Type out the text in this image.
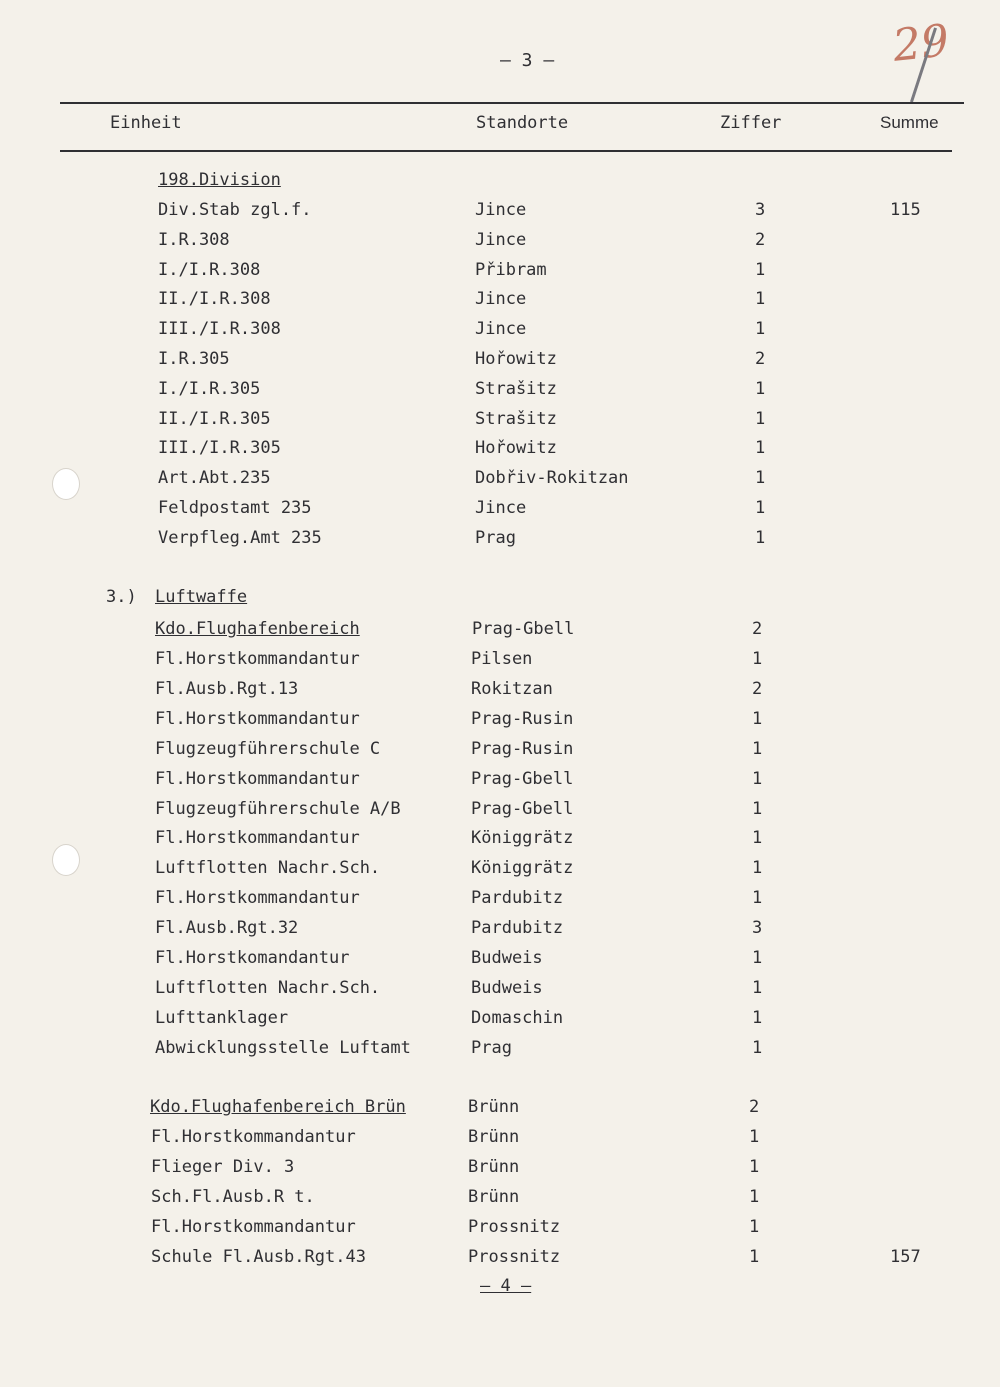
– 3 –	29
Einheit	Standorte	Ziffer	Summe
198.Division
Div.Stab zgl.f.	Jince	3	115
I.R.308	Jince	2
I./I.R.308	Přibram	1
II./I.R.308	Jince	1
III./I.R.308	Jince	1
I.R.305	Hořowitz	2
I./I.R.305	Strašitz	1
II./I.R.305	Strašitz	1
III./I.R.305	Hořowitz	1
Art.Abt.235	Dobřiv-Rokitzan	1
Feldpostamt 235	Jince	1
Verpfleg.Amt 235	Prag	1
3.) Luftwaffe
Kdo.Flughafenbereich	Prag-Gbell	2
Fl.Horstkommandantur	Pilsen	1
Fl.Ausb.Rgt.13	Rokitzan	2
Fl.Horstkommandantur	Prag-Rusin	1
Flugzeugführerschule C	Prag-Rusin	1
Fl.Horstkommandantur	Prag-Gbell	1
Flugzeugführerschule A/B	Prag-Gbell	1
Fl.Horstkommandantur	Königgrätz	1
Luftflotten Nachr.Sch.	Königgrätz	1
Fl.Horstkommandantur	Pardubitz	1
Fl.Ausb.Rgt.32	Pardubitz	3
Fl.Horstkomandantur	Budweis	1
Luftflotten Nachr.Sch.	Budweis	1
Lufttanklager	Domaschin	1
Abwicklungsstelle Luftamt	Prag	1
Kdo.Flughafenbereich Brün	Brünn	2
Fl.Horstkommandantur	Brünn	1
Flieger Div. 3	Brünn	1
Sch.Fl.Ausb.R t.	Brünn	1
Fl.Horstkommandantur	Prossnitz	1
Schule Fl.Ausb.Rgt.43	Prossnitz	1	157
– 4 –
